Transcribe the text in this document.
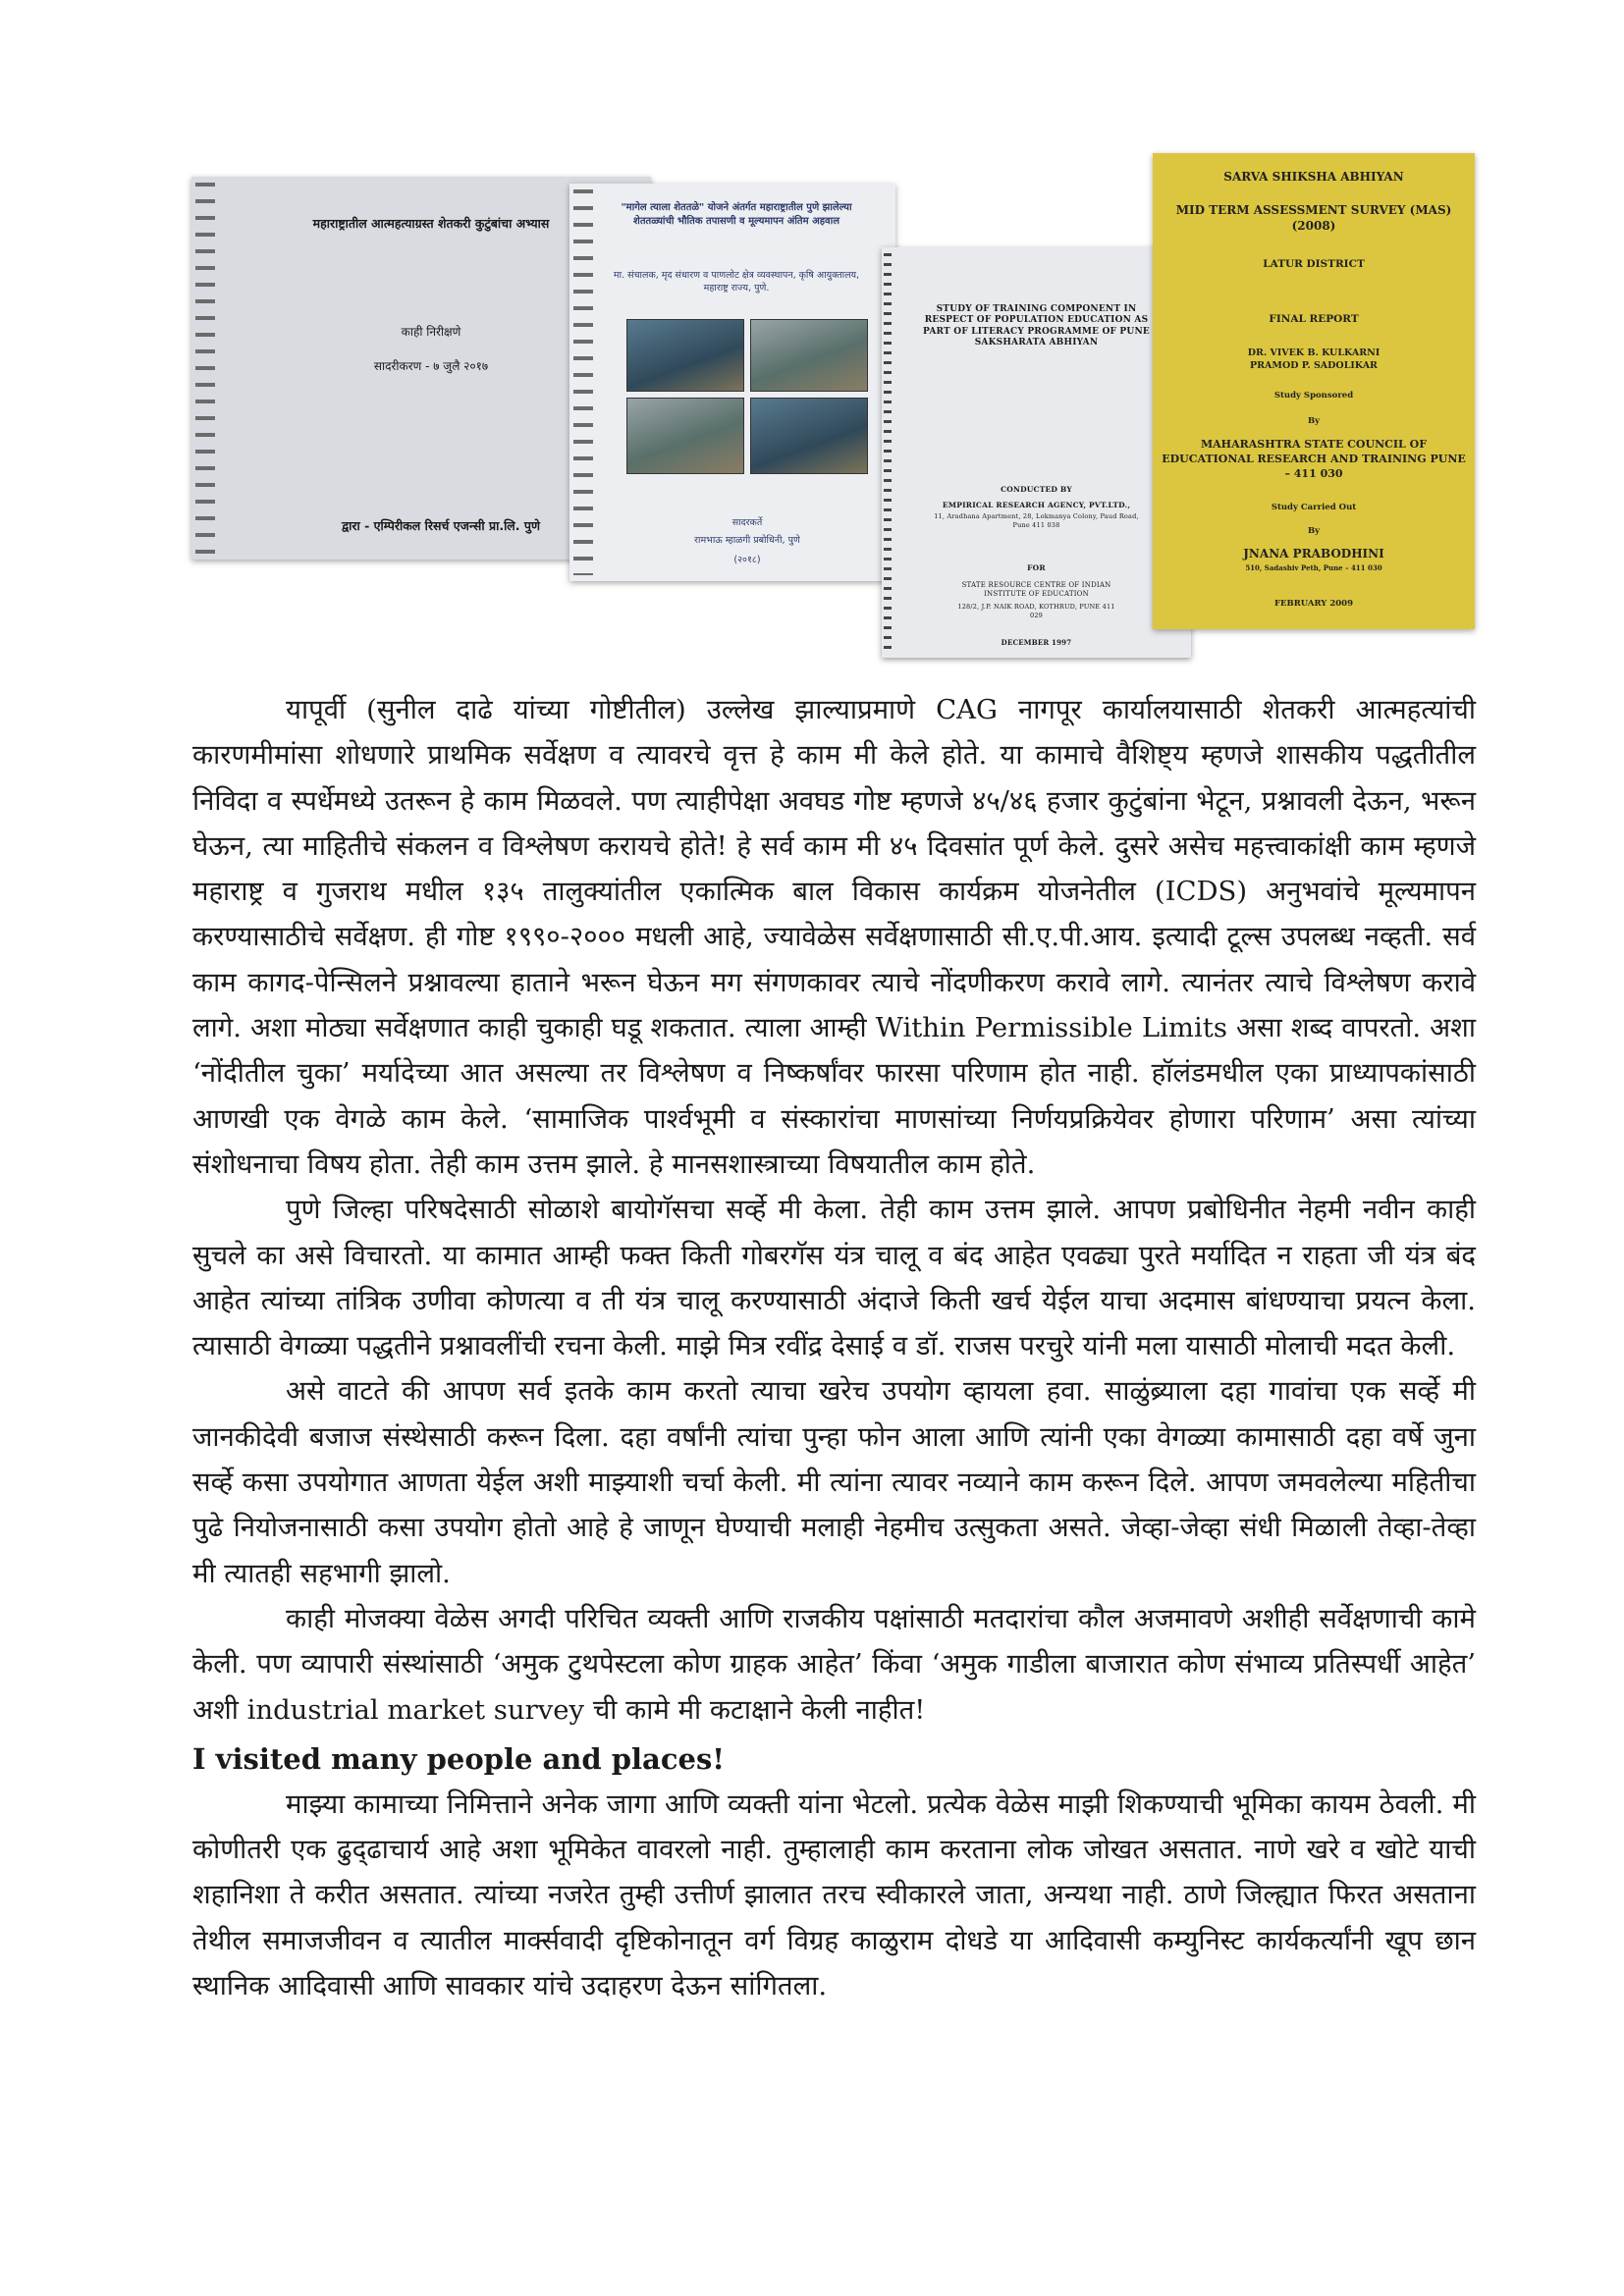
महाराष्ट्रातील आत्महत्याग्रस्त शेतकरी कुटुंबांचा अभ्यास
काही निरीक्षणे
सादरीकरण - ७ जुलै २०१७
द्वारा - एम्पिरीकल रिसर्च एजन्सी प्रा.लि. पुणे
"मागेल त्याला शेततळे" योजने अंतर्गत महाराष्ट्रातील पुणे झालेल्या शेततळ्यांची भौतिक तपासणी व मूल्यमापन अंतिम अहवाल
मा. संचालक, मृद संधारण व पाणलोट क्षेत्र व्यवस्थापन, कृषि आयुक्तालय, महाराष्ट्र राज्य, पुणे.
सादरकर्ते
रामभाऊ म्हाळगी प्रबोधिनी, पुणे
(२०१८)
STUDY OF TRAINING COMPONENT IN RESPECT OF POPULATION EDUCATION AS PART OF LITERACY PROGRAMME OF PUNE SAKSHARATA ABHIYAN
CONDUCTED BY
EMPIRICAL RESEARCH AGENCY, PVT.LTD.,
11, Aradhana Apartment, 28, Lokmanya Colony, Paud Road, Pune 411 038
FOR
STATE RESOURCE CENTRE OF INDIAN INSTITUTE OF EDUCATION
128/2, J.P. NAIK ROAD, KOTHRUD, PUNE 411 029
DECEMBER 1997
SARVA SHIKSHA ABHIYAN
MID TERM ASSESSMENT SURVEY (MAS) (2008)
LATUR DISTRICT
FINAL REPORT
DR. VIVEK B. KULKARNI PRAMOD P. SADOLIKAR
Study Sponsored
By
MAHARASHTRA STATE COUNCIL OF EDUCATIONAL RESEARCH AND TRAINING PUNE – 411 030
Study Carried Out
By
JNANA PRABODHINI
510, Sadashiv Peth, Pune – 411 030
FEBRUARY 2009

यापूर्वी (सुनील दाढे यांच्या गोष्टीतील) उल्लेख झाल्याप्रमाणे CAG नागपूर कार्यालयासाठी शेतकरी आत्महत्यांची कारणमीमांसा शोधणारे प्राथमिक सर्वेक्षण व त्यावरचे वृत्त हे काम मी केले होते. या कामाचे वैशिष्ट्य म्हणजे शासकीय पद्धतीतील निविदा व स्पर्धेमध्ये उतरून हे काम मिळवले. पण त्याहीपेक्षा अवघड गोष्ट म्हणजे ४५/४६ हजार कुटुंबांना भेटून, प्रश्नावली देऊन, भरून घेऊन, त्या माहितीचे संकलन व विश्लेषण करायचे होते! हे सर्व काम मी ४५ दिवसांत पूर्ण केले. दुसरे असेच महत्त्वाकांक्षी काम म्हणजे महाराष्ट्र व गुजराथ मधील १३५ तालुक्यांतील एकात्मिक बाल विकास कार्यक्रम योजनेतील (ICDS) अनुभवांचे मूल्यमापन करण्यासाठीचे सर्वेक्षण. ही गोष्ट १९९०-२००० मधली आहे, ज्यावेळेस सर्वेक्षणासाठी सी.ए.पी.आय. इत्यादी टूल्स उपलब्ध नव्हती. सर्व काम कागद-पेन्सिलने प्रश्नावल्या हाताने भरून घेऊन मग संगणकावर त्याचे नोंदणीकरण करावे लागे. त्यानंतर त्याचे विश्लेषण करावे लागे. अशा मोठ्या सर्वेक्षणात काही चुकाही घडू शकतात. त्याला आम्ही Within Permissible Limits असा शब्द वापरतो. अशा ‘नोंदीतील चुका’ मर्यादेच्या आत असल्या तर विश्लेषण व निष्कर्षांवर फारसा परिणाम होत नाही. हॉलंडमधील एका प्राध्यापकांसाठी आणखी एक वेगळे काम केले. ‘सामाजिक पार्श्वभूमी व संस्कारांचा माणसांच्या निर्णयप्रक्रियेवर होणारा परिणाम’ असा त्यांच्या संशोधनाचा विषय होता. तेही काम उत्तम झाले. हे मानसशास्त्राच्या विषयातील काम होते.

पुणे जिल्हा परिषदेसाठी सोळाशे बायोगॅसचा सर्व्हे मी केला. तेही काम उत्तम झाले. आपण प्रबोधिनीत नेहमी नवीन काही सुचले का असे विचारतो. या कामात आम्ही फक्त किती गोबरगॅस यंत्र चालू व बंद आहेत एवढ्या पुरते मर्यादित न राहता जी यंत्र बंद आहेत त्यांच्या तांत्रिक उणीवा कोणत्या व ती यंत्र चालू करण्यासाठी अंदाजे किती खर्च येईल याचा अदमास बांधण्याचा प्रयत्न केला. त्यासाठी वेगळ्या पद्धतीने प्रश्नावलींची रचना केली. माझे मित्र रवींद्र देसाई व डॉ. राजस परचुरे यांनी मला यासाठी मोलाची मदत केली.

असे वाटते की आपण सर्व इतके काम करतो त्याचा खरेच उपयोग व्हायला हवा. साळुंब्र्याला दहा गावांचा एक सर्व्हे मी जानकीदेवी बजाज संस्थेसाठी करून दिला. दहा वर्षांनी त्यांचा पुन्हा फोन आला आणि त्यांनी एका वेगळ्या कामासाठी दहा वर्षे जुना सर्व्हे कसा उपयोगात आणता येईल अशी माझ्याशी चर्चा केली. मी त्यांना त्यावर नव्याने काम करून दिले. आपण जमवलेल्या महितीचा पुढे नियोजनासाठी कसा उपयोग होतो आहे हे जाणून घेण्याची मलाही नेहमीच उत्सुकता असते. जेव्हा-जेव्हा संधी मिळाली तेव्हा-तेव्हा मी त्यातही सहभागी झालो.

काही मोजक्या वेळेस अगदी परिचित व्यक्ती आणि राजकीय पक्षांसाठी मतदारांचा कौल अजमावणे अशीही सर्वेक्षणाची कामे केली. पण व्यापारी संस्थांसाठी ‘अमुक टुथपेस्टला कोण ग्राहक आहेत’ किंवा ‘अमुक गाडीला बाजारात कोण संभाव्य प्रतिस्पर्धी आहेत’ अशी industrial market survey ची कामे मी कटाक्षाने केली नाहीत!

I visited many people and places!

माझ्या कामाच्या निमित्ताने अनेक जागा आणि व्यक्ती यांना भेटलो. प्रत्येक वेळेस माझी शिकण्याची भूमिका कायम ठेवली. मी कोणीतरी एक ढुद्ढाचार्य आहे अशा भूमिकेत वावरलो नाही. तुम्हालाही काम करताना लोक जोखत असतात. नाणे खरे व खोटे याची शहानिशा ते करीत असतात. त्यांच्या नजरेत तुम्ही उत्तीर्ण झालात तरच स्वीकारले जाता, अन्यथा नाही. ठाणे जिल्ह्यात फिरत असताना तेथील समाजजीवन व त्यातील मार्क्सवादी दृष्टिकोनातून वर्ग विग्रह काळुराम दोधडे या आदिवासी कम्युनिस्ट कार्यकर्त्यांनी खूप छान स्थानिक आदिवासी आणि सावकार यांचे उदाहरण देऊन सांगितला.
